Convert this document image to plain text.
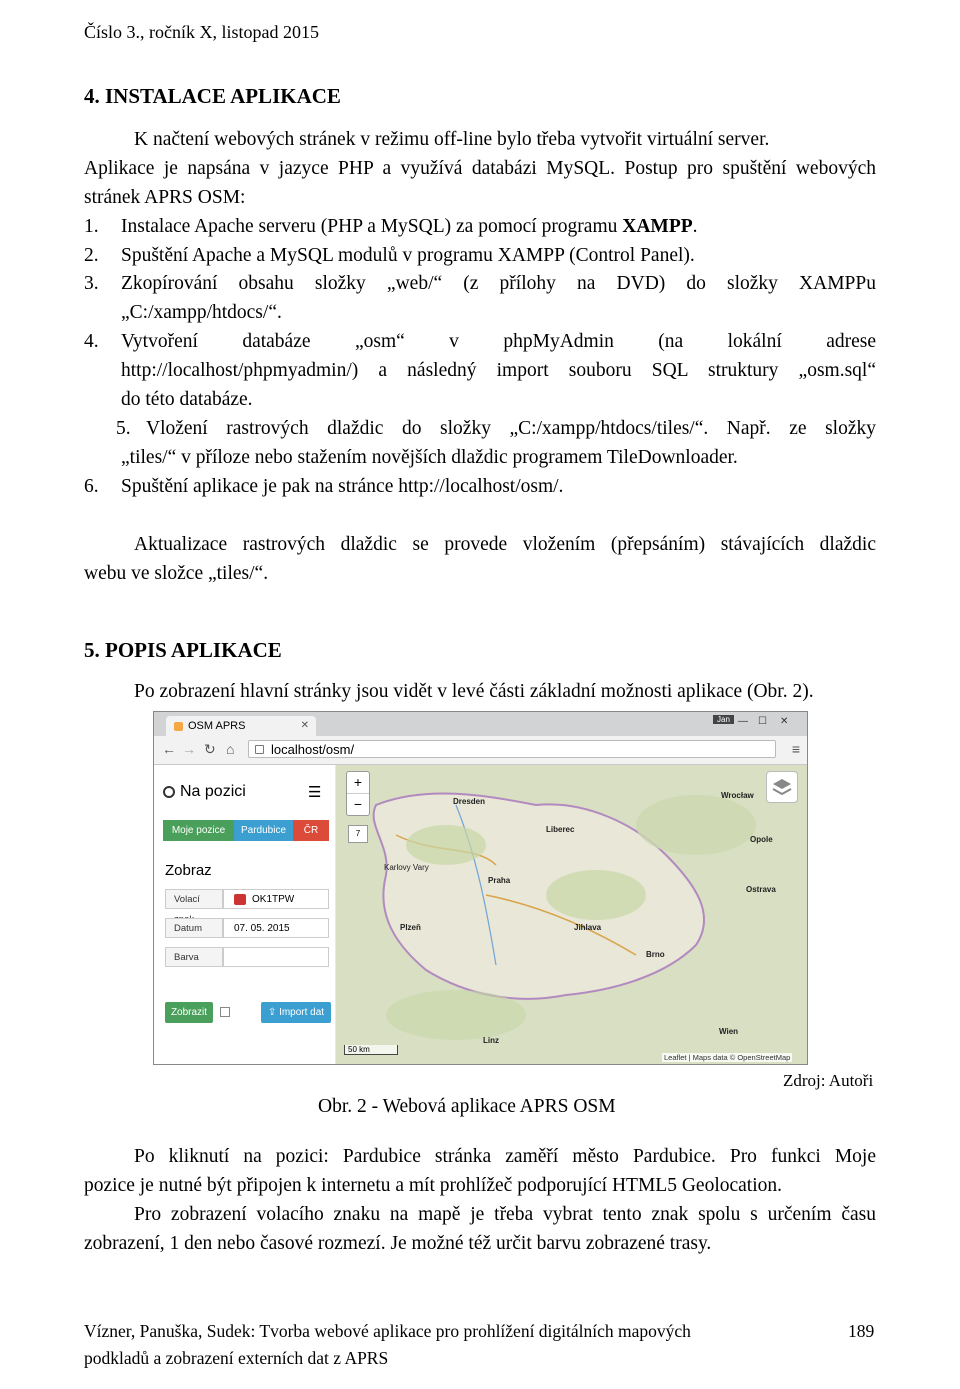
Číslo 3., ročník X, listopad 2015
4. INSTALACE APLIKACE
K načtení webových stránek v režimu off-line bylo třeba vytvořit virtuální server.
Aplikace je napsána v jazyce PHP a využívá databázi MySQL. Postup pro spuštění webových
stránek APRS OSM:
1. Instalace Apache serveru (PHP a MySQL) za pomocí programu XAMPP.
2. Spuštění Apache a MySQL modulů v programu XAMPP (Control Panel).
3. Zkopírování obsahu složky „web/“ (z přílohy na DVD) do složky XAMPPu
„C:/xampp/htdocs/“.
4. Vytvoření databáze „osm“ v phpMyAdmin (na lokální adrese
http://localhost/phpmyadmin/) a následný import souboru SQL struktury „osm.sql“
do této databáze.
5. Vložení rastrových dlaždic do složky „C:/xampp/htdocs/tiles/“. Např. ze složky
„tiles/“ v příloze nebo stažením novějších dlaždic programem TileDownloader.
6. Spuštění aplikace je pak na stránce http://localhost/osm/.
Aktualizace rastrových dlaždic se provede vložením (přepsáním) stávajících dlaždic
webu ve složce „tiles/“.
5. POPIS APLIKACE
Po zobrazení hlavní stránky jsou vidět v levé části základní možnosti aplikace (Obr. 2).
OSM APRS	✕
Jan — ☐ ✕
← → ↻ ⌂	localhost/osm/	≡
Na pozici	☰
Moje pozice	Pardubice	ČR
Zobraz
Volací	OK1TPW
Datum	07. 05. 2015
Barva
Zobrazit	⇪ Import dat
Dresden
Wrocław
Opole
Praha
Karlovy Vary
Plzeň
Brno
Linz
Wien
Jihlava
Liberec
Ostrava
+
−
7
50 km
Leaflet | Maps data © OpenStreetMap
Zdroj: Autoři
Obr. 2 - Webová aplikace APRS OSM
Po kliknutí na pozici: Pardubice stránka zaměří město Pardubice. Pro funkci Moje
pozice je nutné být připojen k internetu a mít prohlížeč podporující HTML5 Geolocation.
Pro zobrazení volacího znaku na mapě je třeba vybrat tento znak spolu s určením času
zobrazení, 1 den nebo časové rozmezí. Je možné též určit barvu zobrazené trasy.
Vízner, Panuška, Sudek: Tvorba webové aplikace pro prohlížení digitálních mapových
podkladů a zobrazení externích dat z APRS
189
